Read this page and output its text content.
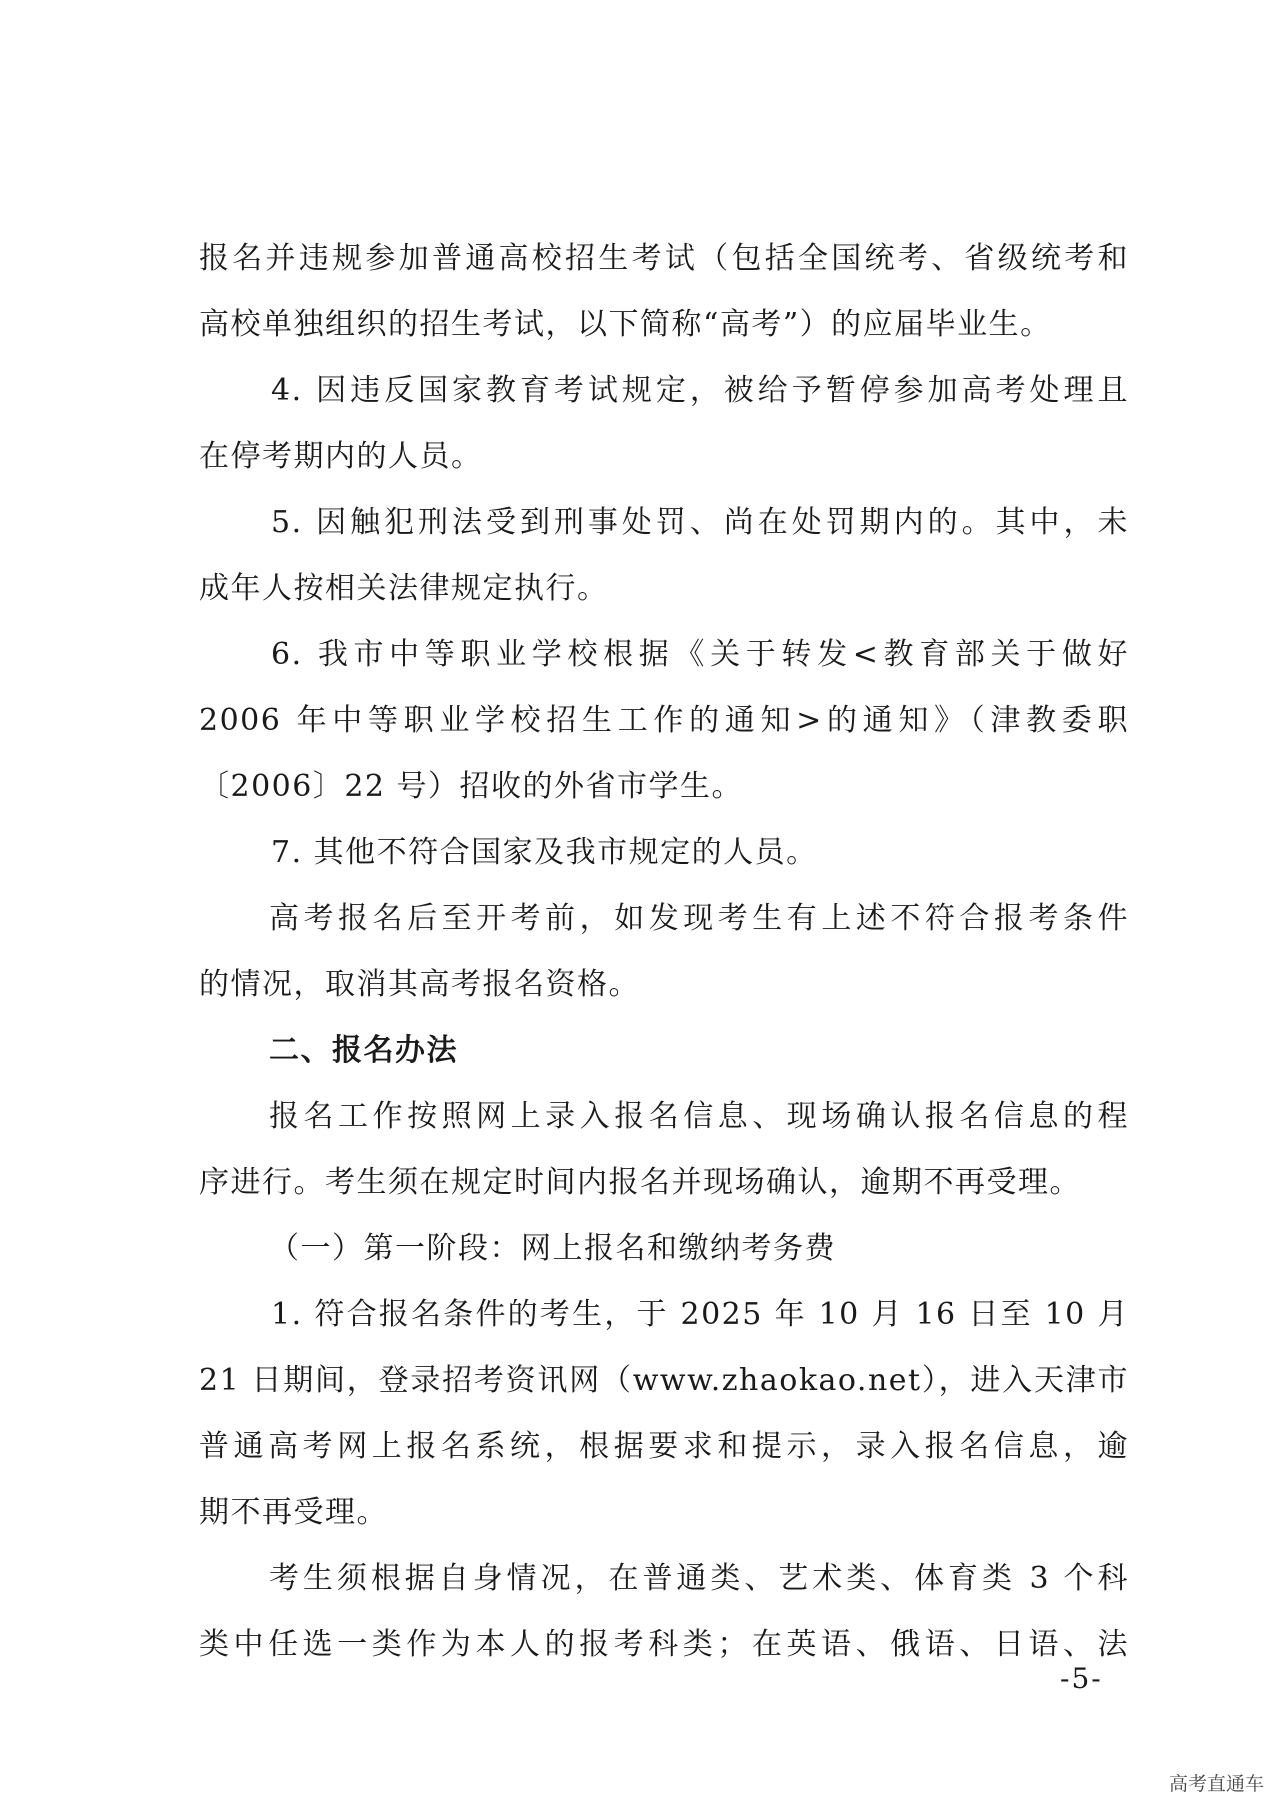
报名并违规参加普通高校招生考试（包括全国统考、省级统考和
高校单独组织的招生考试，以下简称“高考”）的应届毕业生。
4. 因违反国家教育考试规定，被给予暂停参加高考处理且
在停考期内的人员。
5. 因触犯刑法受到刑事处罚、尚在处罚期内的。其中，未
成年人按相关法律规定执行。
6. 我市中等职业学校根据《关于转发<教育部关于做好
2006 年中等职业学校招生工作的通知>的通知》（津教委职
〔2006〕22 号）招收的外省市学生。
7. 其他不符合国家及我市规定的人员。
高考报名后至开考前，如发现考生有上述不符合报考条件
的情况，取消其高考报名资格。
二、报名办法
报名工作按照网上录入报名信息、现场确认报名信息的程
序进行。考生须在规定时间内报名并现场确认，逾期不再受理。
（一）第一阶段：网上报名和缴纳考务费
1. 符合报名条件的考生，于 2025 年 10 月 16 日至 10 月
21 日期间，登录招考资讯网（www.zhaokao.net），进入天津市
普通高考网上报名系统，根据要求和提示，录入报名信息，逾
期不再受理。
考生须根据自身情况，在普通类、艺术类、体育类 3 个科
类中任选一类作为本人的报考科类；在英语、俄语、日语、法
-5-
高考直通车
